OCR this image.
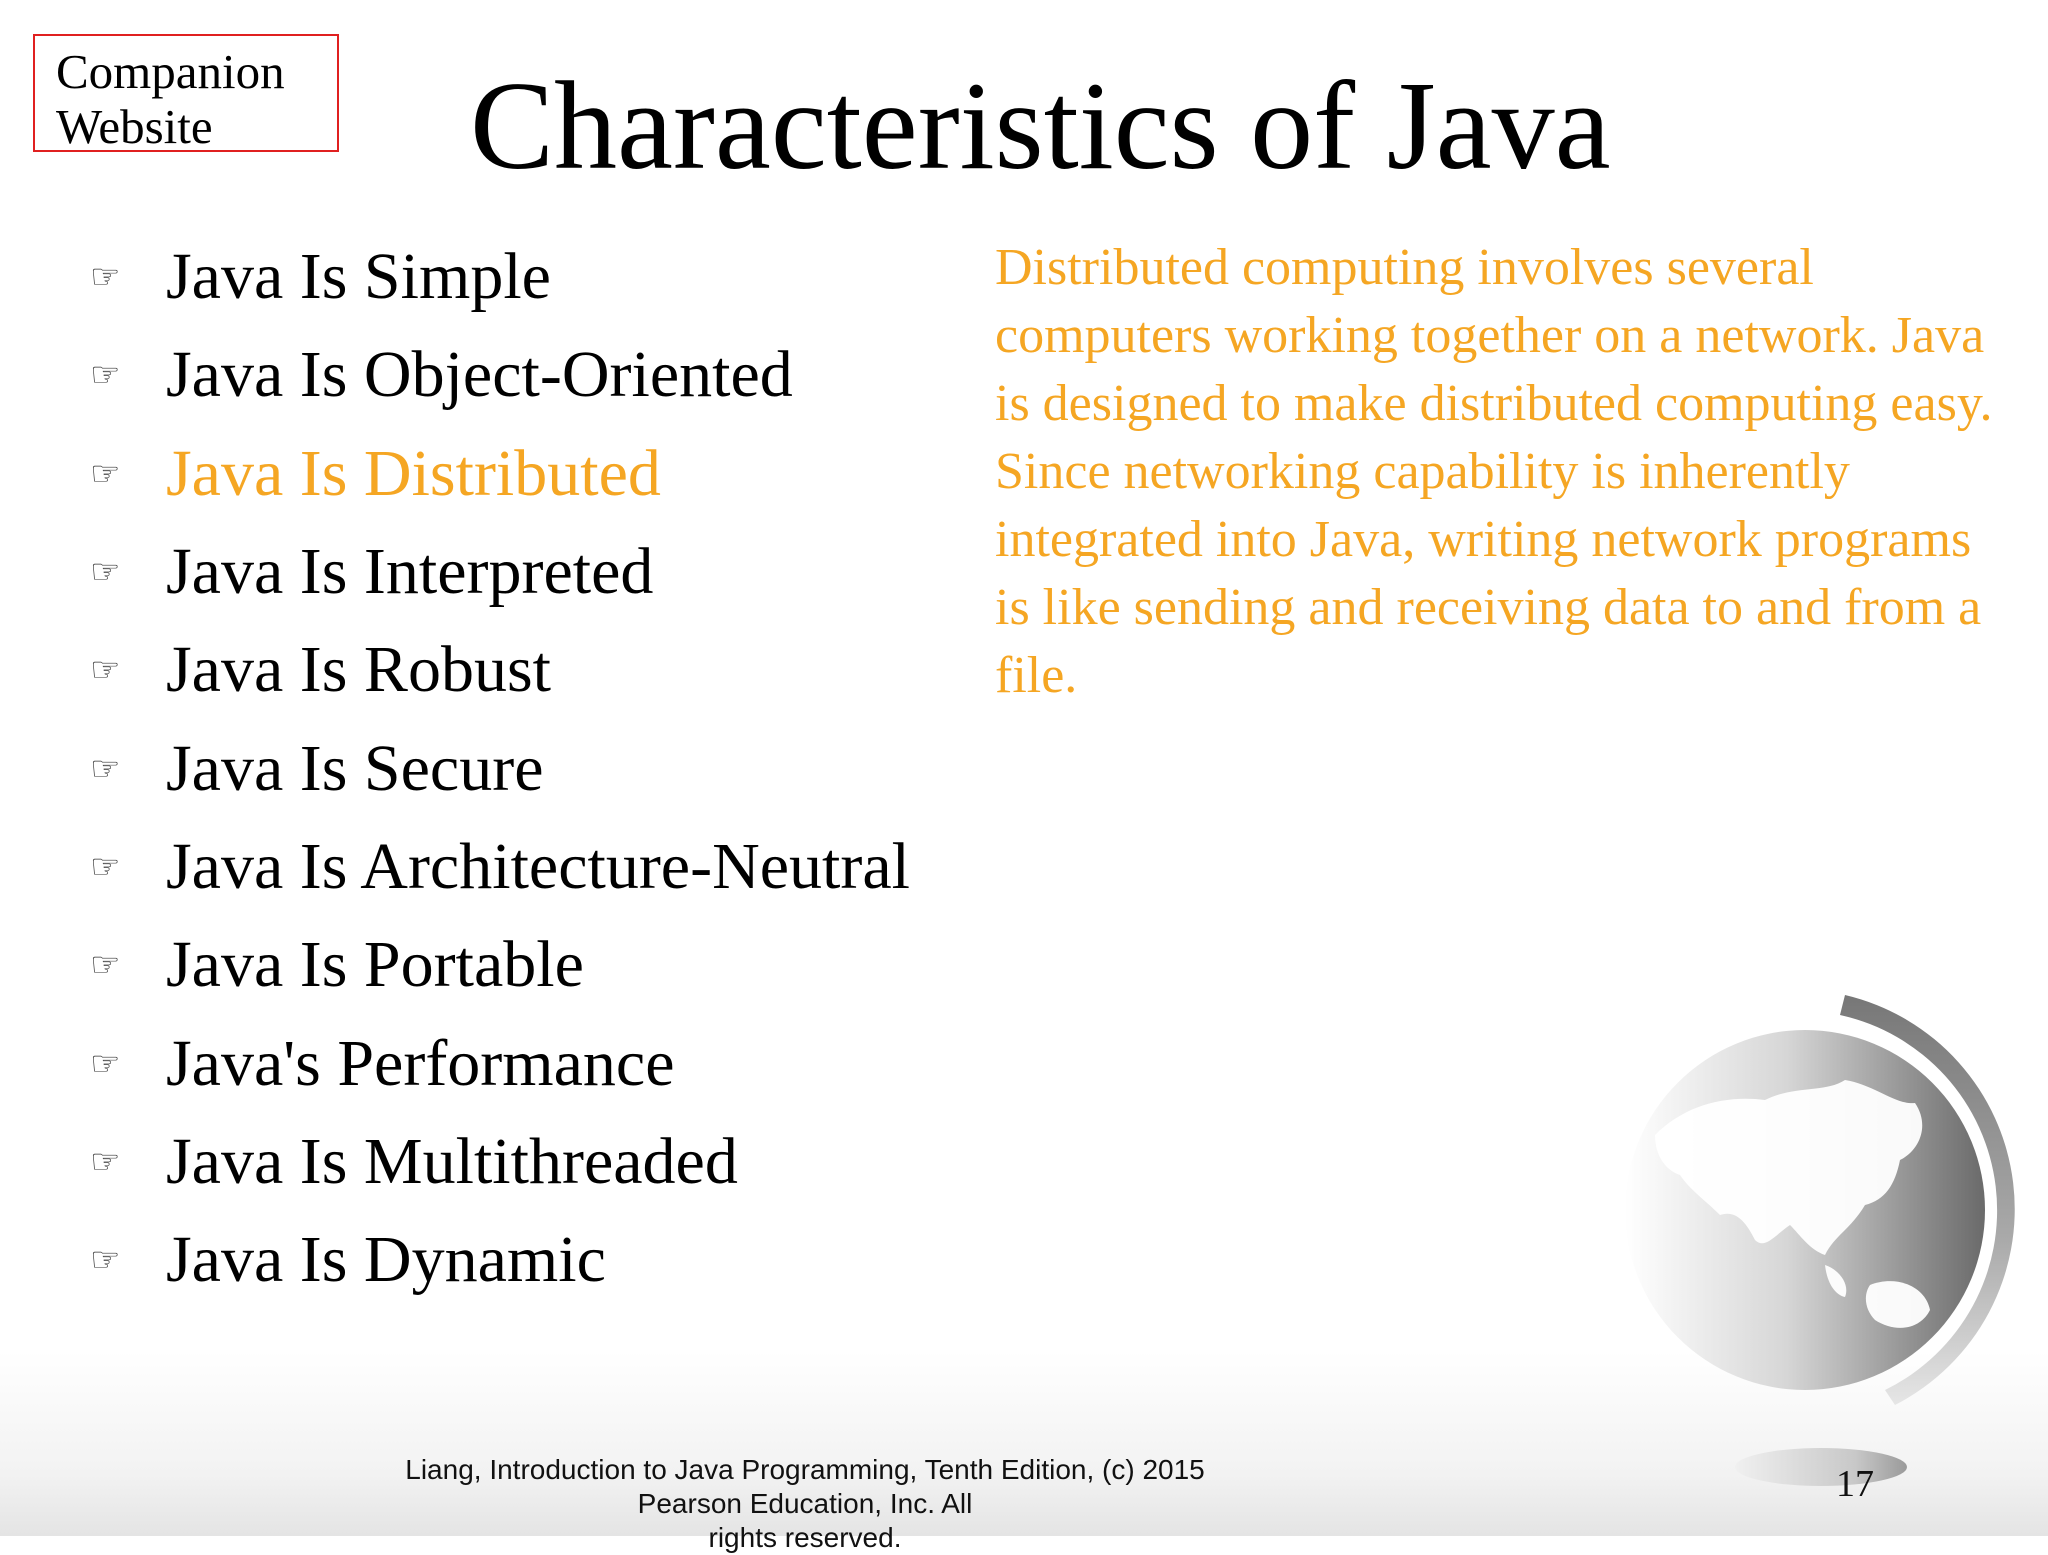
Companion
Website	Characteristics of Java
☞ Java Is Simple
☞ Java Is Object-Oriented
☞ Java Is Distributed
☞ Java Is Interpreted
☞ Java Is Robust
☞ Java Is Secure
☞ Java Is Architecture-Neutral
☞ Java Is Portable
☞ Java's Performance
☞ Java Is Multithreaded
☞ Java Is Dynamic
Distributed computing involves several computers working together on a network. Java is designed to make distributed computing easy. Since networking capability is inherently integrated into Java, writing network programs is like sending and receiving data to and from a file.
Liang, Introduction to Java Programming, Tenth Edition, (c) 2015 Pearson Education, Inc. All
rights reserved.
17
